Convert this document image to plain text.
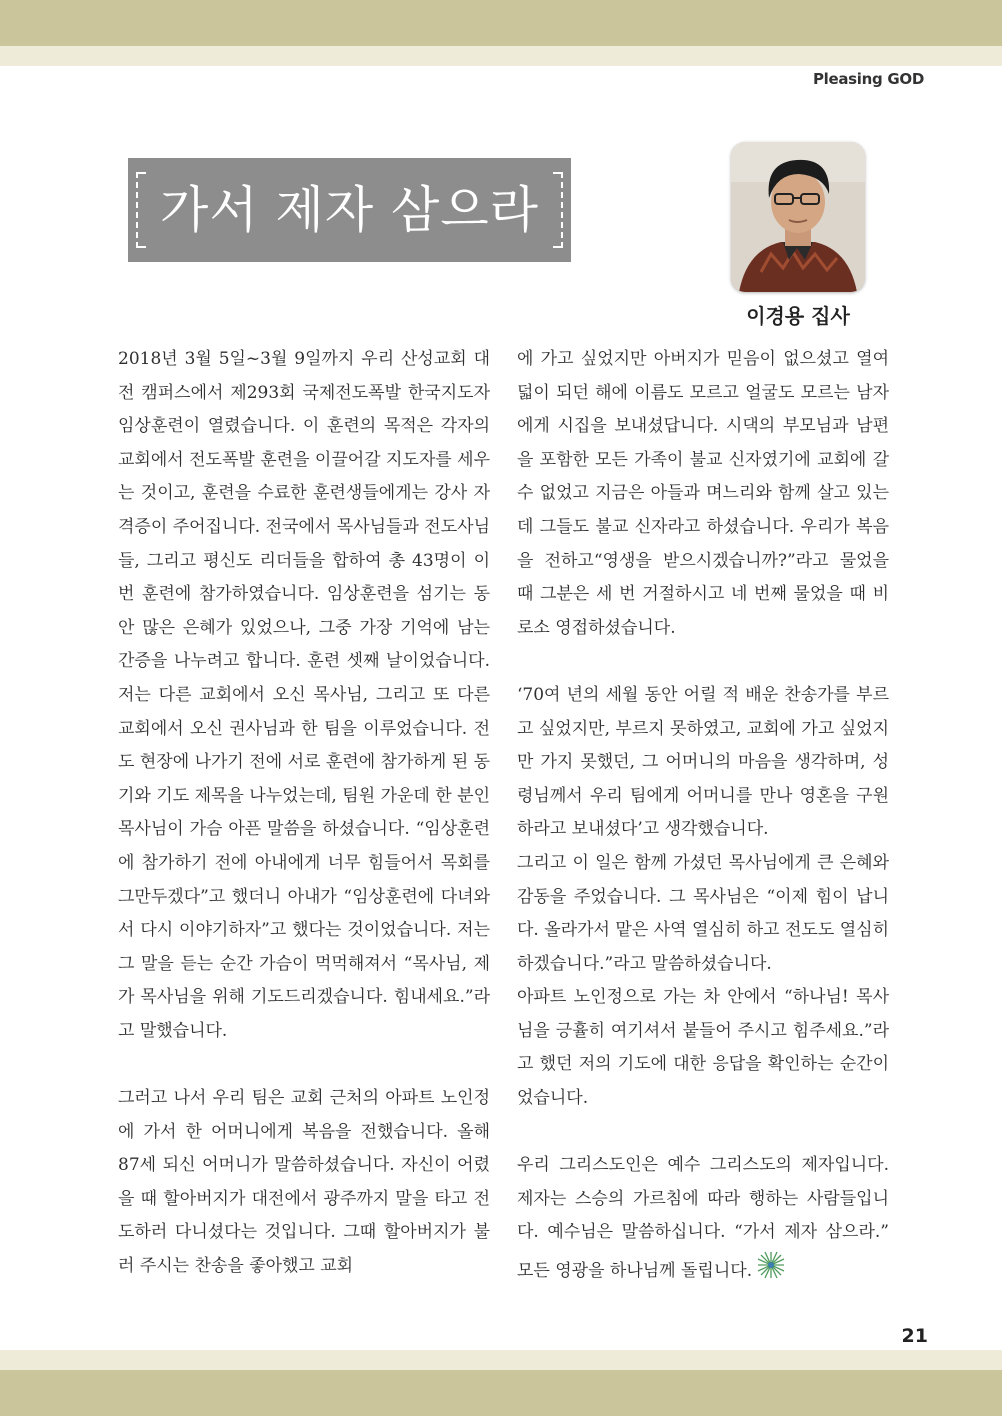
Pleasing GOD
가서 제자 삼으라
이경용 집사

2018년 3월 5일~3월 9일까지 우리 산성교회 대전 캠퍼스에서 제293회 국제전도폭발 한국지도자 임상훈련이 열렸습니다. 이 훈련의 목적은 각자의 교회에서 전도폭발 훈련을 이끌어갈 지도자를 세우는 것이고, 훈련을 수료한 훈련생들에게는 강사 자격증이 주어집니다. 전국에서 목사님들과 전도사님들, 그리고 평신도 리더들을 합하여 총 43명이 이번 훈련에 참가하였습니다. 임상훈련을 섬기는 동안 많은 은혜가 있었으나, 그중 가장 기억에 남는 간증을 나누려고 합니다. 훈련 셋째 날이었습니다. 저는 다른 교회에서 오신 목사님, 그리고 또 다른 교회에서 오신 권사님과 한 팀을 이루었습니다. 전도 현장에 나가기 전에 서로 훈련에 참가하게 된 동기와 기도 제목을 나누었는데, 팀원 가운데 한 분인 목사님이 가슴 아픈 말씀을 하셨습니다. “임상훈련에 참가하기 전에 아내에게 너무 힘들어서 목회를 그만두겠다”고 했더니 아내가 “임상훈련에 다녀와서 다시 이야기하자”고 했다는 것이었습니다. 저는 그 말을 듣는 순간 가슴이 먹먹해져서 “목사님, 제가 목사님을 위해 기도드리겠습니다. 힘내세요.”라고 말했습니다.

그러고 나서 우리 팀은 교회 근처의 아파트 노인정에 가서 한 어머니에게 복음을 전했습니다. 올해 87세 되신 어머니가 말씀하셨습니다. 자신이 어렸을 때 할아버지가 대전에서 광주까지 말을 타고 전도하러 다니셨다는 것입니다. 그때 할아버지가 불러 주시는 찬송을 좋아했고 교회

에 가고 싶었지만 아버지가 믿음이 없으셨고 열여덟이 되던 해에 이름도 모르고 얼굴도 모르는 남자에게 시집을 보내셨답니다. 시댁의 부모님과 남편을 포함한 모든 가족이 불교 신자였기에 교회에 갈 수 없었고 지금은 아들과 며느리와 함께 살고 있는데 그들도 불교 신자라고 하셨습니다. 우리가 복음을 전하고“영생을 받으시겠습니까?”라고 물었을 때 그분은 세 번 거절하시고 네 번째 물었을 때 비로소 영접하셨습니다.

‘70여 년의 세월 동안 어릴 적 배운 찬송가를 부르고 싶었지만, 부르지 못하였고, 교회에 가고 싶었지만 가지 못했던, 그 어머니의 마음을 생각하며, 성령님께서 우리 팀에게 어머니를 만나 영혼을 구원하라고 보내셨다’고 생각했습니다.

그리고 이 일은 함께 가셨던 목사님에게 큰 은혜와 감동을 주었습니다. 그 목사님은 “이제 힘이 납니다. 올라가서 맡은 사역 열심히 하고 전도도 열심히 하겠습니다.”라고 말씀하셨습니다.

아파트 노인정으로 가는 차 안에서 “하나님! 목사님을 긍휼히 여기셔서 붙들어 주시고 힘주세요.”라고 했던 저의 기도에 대한 응답을 확인하는 순간이었습니다.

우리 그리스도인은 예수 그리스도의 제자입니다. 제자는 스승의 가르침에 따라 행하는 사람들입니다. 예수님은 말씀하십니다. “가서 제자 삼으라.” 모든 영광을 하나님께 돌립니다.

21
